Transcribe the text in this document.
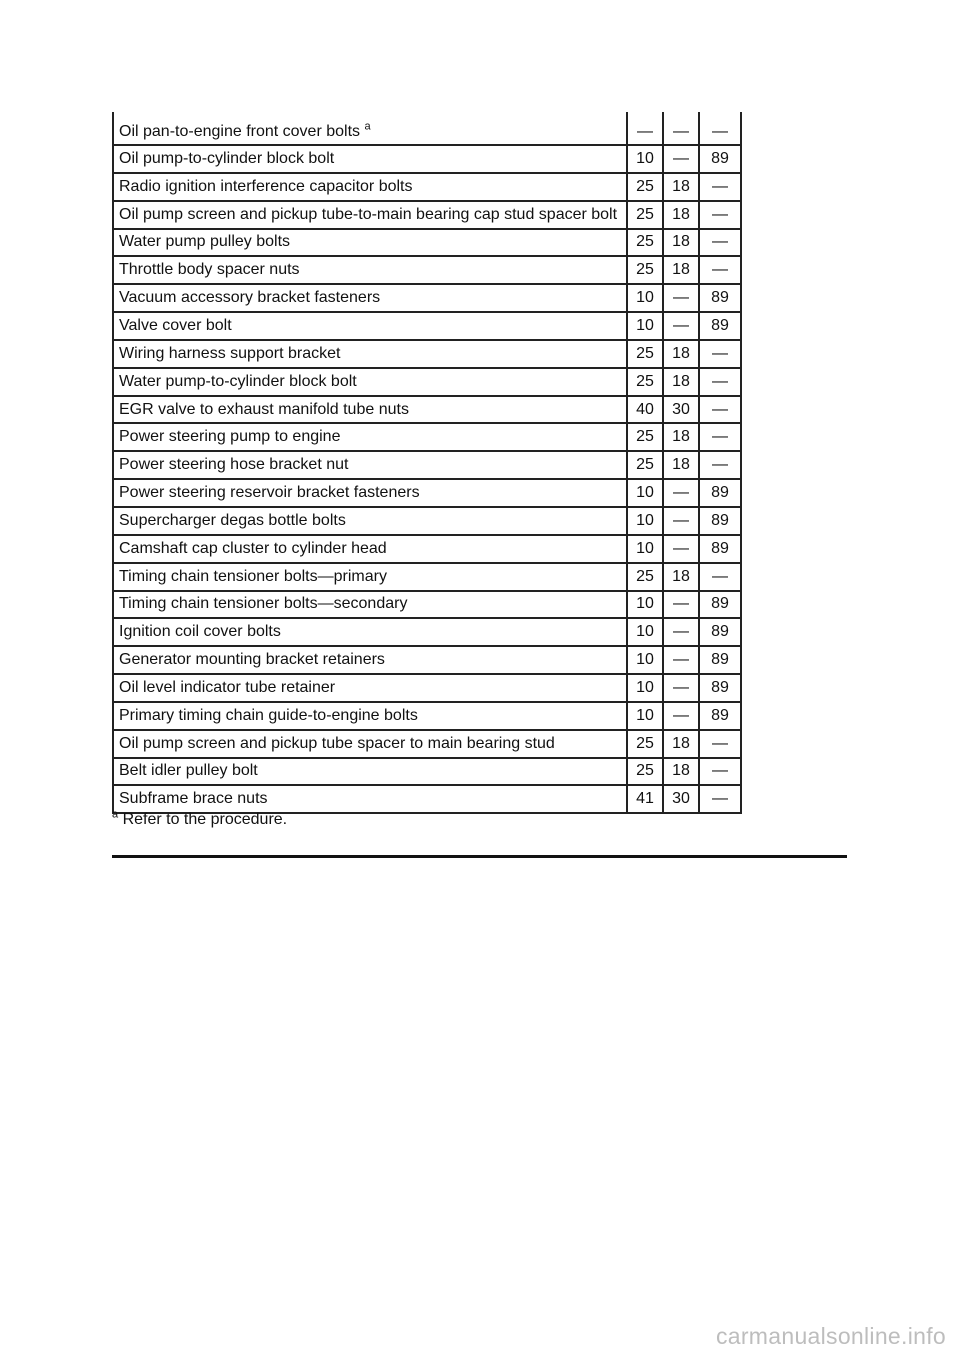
Oil pan-to-engine front cover bolts $^a$	—	—	—
Oil pump-to-cylinder block bolt	10	—	89
Radio ignition interference capacitor bolts	25	18	—
Oil pump screen and pickup tube-to-main bearing cap stud spacer bolt	25	18	—
Water pump pulley bolts	25	18	—
Throttle body spacer nuts	25	18	—
Vacuum accessory bracket fasteners	10	—	89
Valve cover bolt	10	—	89
Wiring harness support bracket	25	18	—
Water pump-to-cylinder block bolt	25	18	—
EGR valve to exhaust manifold tube nuts	40	30	—
Power steering pump to engine	25	18	—
Power steering hose bracket nut	25	18	—
Power steering reservoir bracket fasteners	10	—	89
Supercharger degas bottle bolts	10	—	89
Camshaft cap cluster to cylinder head	10	—	89
Timing chain tensioner bolts—primary	25	18	—
Timing chain tensioner bolts—secondary	10	—	89
Ignition coil cover bolts	10	—	89
Generator mounting bracket retainers	10	—	89
Oil level indicator tube retainer	10	—	89
Primary timing chain guide-to-engine bolts	10	—	89
Oil pump screen and pickup tube spacer to main bearing stud	25	18	—
Belt idler pulley bolt	25	18	—
Subframe brace nuts	41	30	—
$^a$ Refer to the procedure.
carmanualsonline.info
